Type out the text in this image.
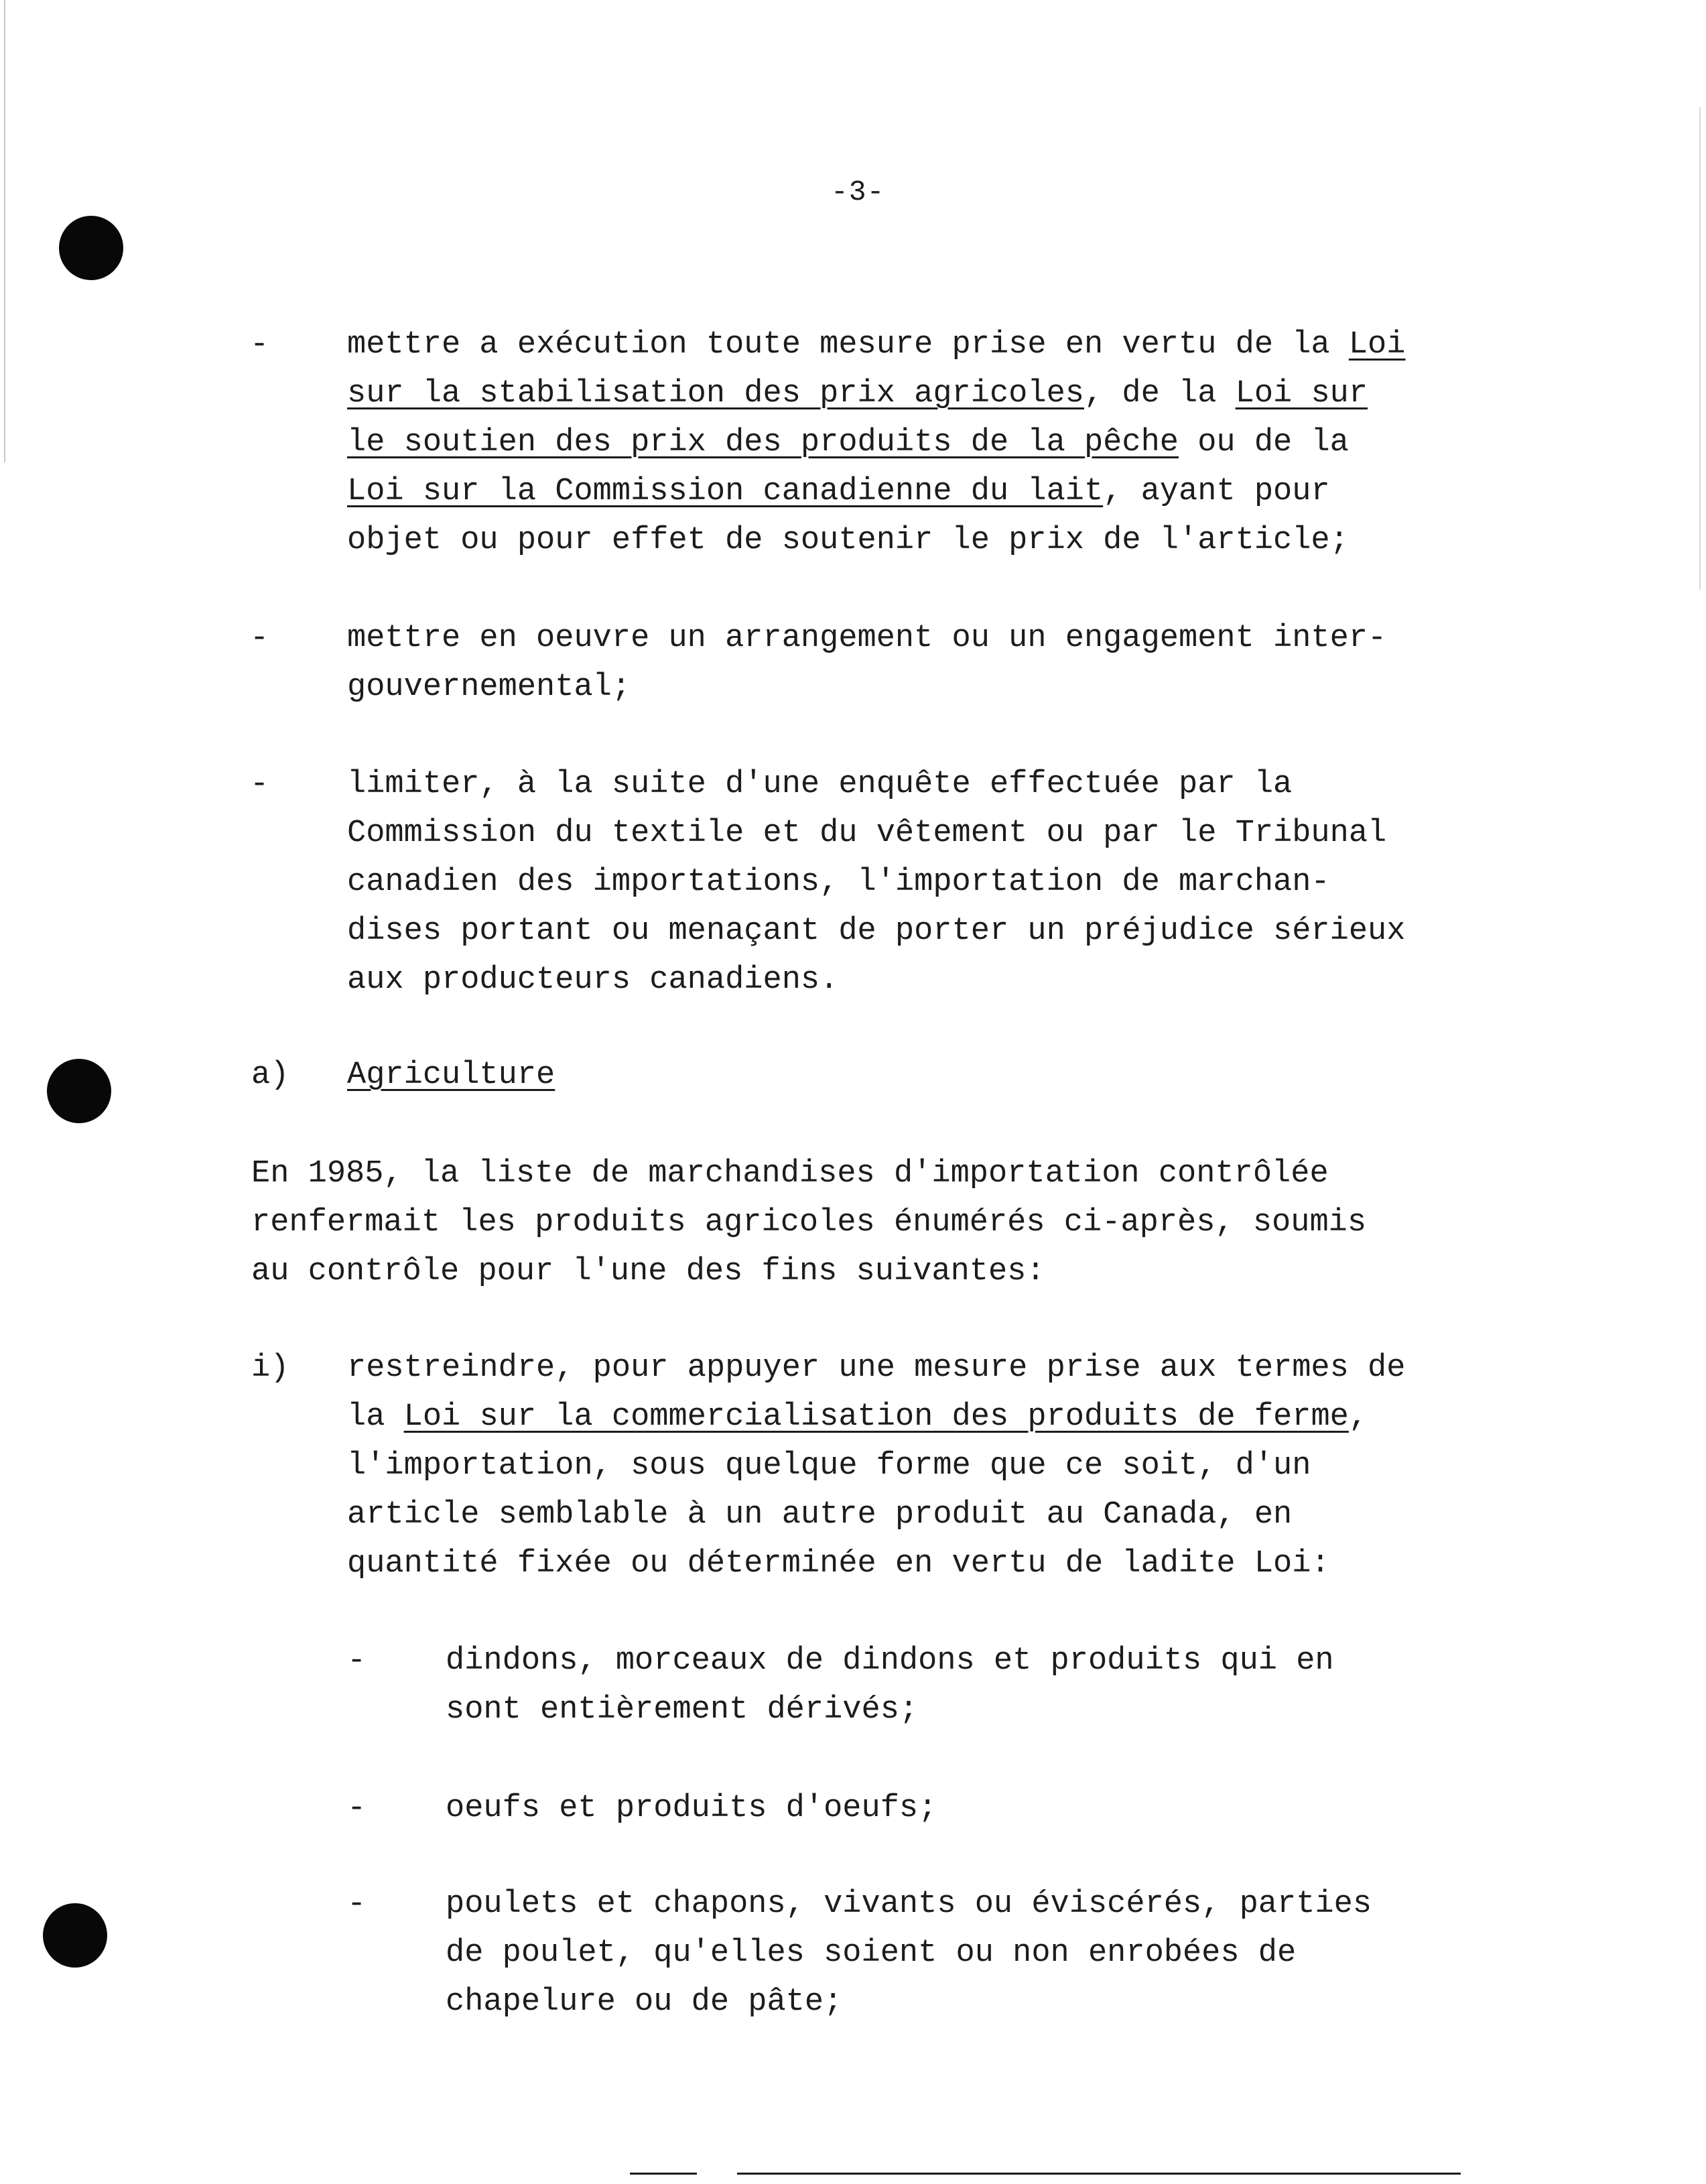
-3-
- mettre a exécution toute mesure prise en vertu de la Loi
sur la stabilisation des prix agricoles, de la Loi sur
le soutien des prix des produits de la pêche ou de la
Loi sur la Commission canadienne du lait, ayant pour
objet ou pour effet de soutenir le prix de l'article;
- mettre en oeuvre un arrangement ou un engagement inter-
gouvernemental;
- limiter, à la suite d'une enquête effectuée par la
Commission du textile et du vêtement ou par le Tribunal
canadien des importations, l'importation de marchan-
dises portant ou menaçant de porter un préjudice sérieux
aux producteurs canadiens.
a) Agriculture
En 1985, la liste de marchandises d'importation contrôlée
renfermait les produits agricoles énumérés ci-après, soumis
au contrôle pour l'une des fins suivantes:
i) restreindre, pour appuyer une mesure prise aux termes de
la Loi sur la commercialisation des produits de ferme,
l'importation, sous quelque forme que ce soit, d'un
article semblable à un autre produit au Canada, en
quantité fixée ou déterminée en vertu de ladite Loi:
-	dindons, morceaux de dindons et produits qui en
sont entièrement dérivés;
-	oeufs et produits d'oeufs;
-	poulets et chapons, vivants ou éviscérés, parties
de poulet, qu'elles soient ou non enrobées de
chapelure ou de pâte;
